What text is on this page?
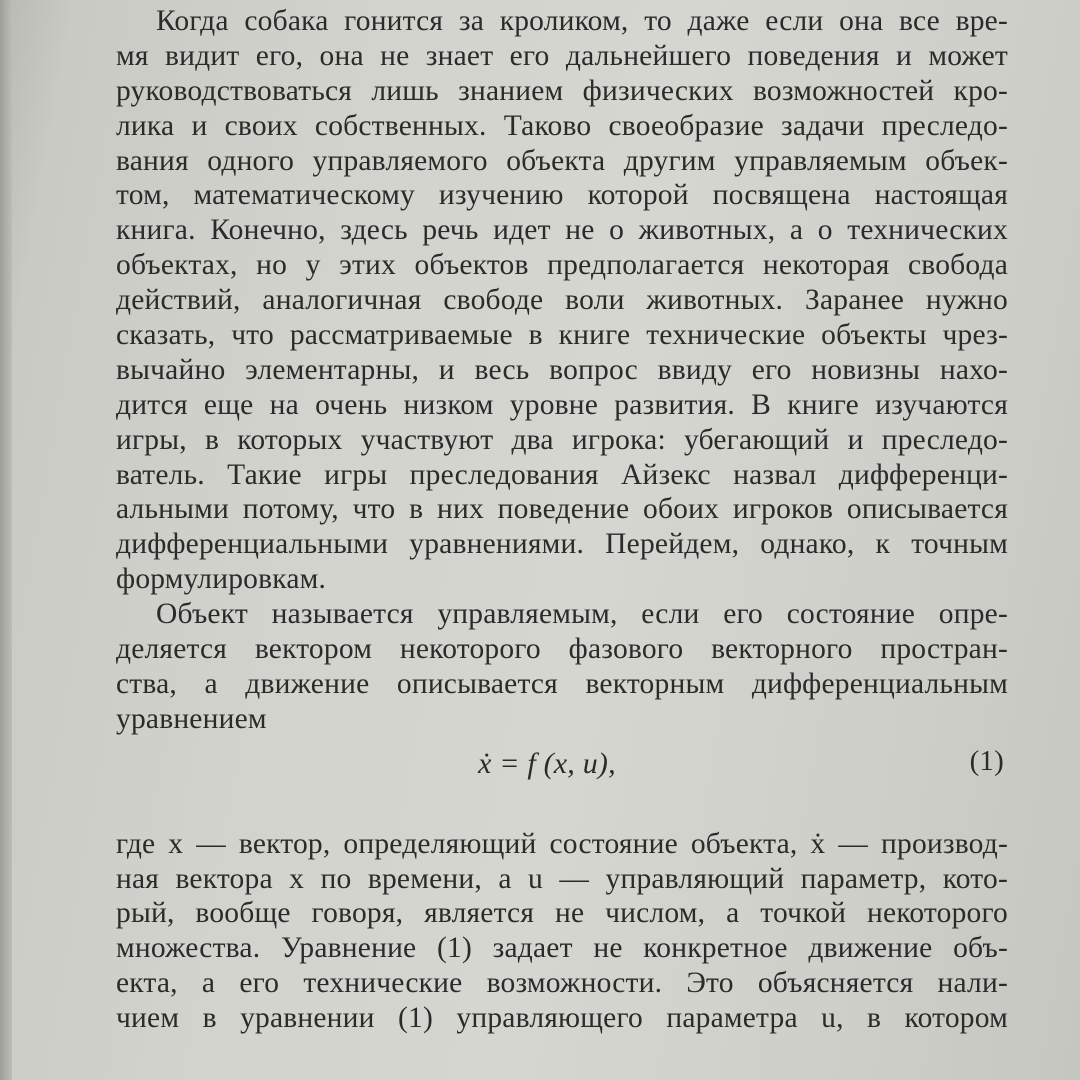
Когда собака гонится за кроликом, то даже если она все вре-
мя видит его, она не знает его дальнейшего поведения и может
руководствоваться лишь знанием физических возможностей кро-
лика и своих собственных. Таково своеобразие задачи преследо-
вания одного управляемого объекта другим управляемым объек-
том, математическому изучению которой посвящена настоящая
книга. Конечно, здесь речь идет не о животных, а о технических
объектах, но у этих объектов предполагается некоторая свобода
действий, аналогичная свободе воли животных. Заранее нужно
сказать, что рассматриваемые в книге технические объекты чрез-
вычайно элементарны, и весь вопрос ввиду его новизны нахо-
дится еще на очень низком уровне развития. В книге изучаются
игры, в которых участвуют два игрока: убегающий и преследо-
ватель. Такие игры преследования Айзекс назвал дифференци-
альными потому, что в них поведение обоих игроков описывается
дифференциальными уравнениями. Перейдем, однако, к точным
формулировкам.
Объект называется управляемым, если его состояние опре-
деляется вектором некоторого фазового векторного простран-
ства, а движение описывается векторным дифференциальным
уравнением
ẋ = f (x, u),	(1)
где x — вектор, определяющий состояние объекта, ẋ — производ-
ная вектора x по времени, а u — управляющий параметр, кото-
рый, вообще говоря, является не числом, а точкой некоторого
множества. Уравнение (1) задает не конкретное движение объ-
екта, а его технические возможности. Это объясняется нали-
чием в уравнении (1) управляющего параметра u, в котором
